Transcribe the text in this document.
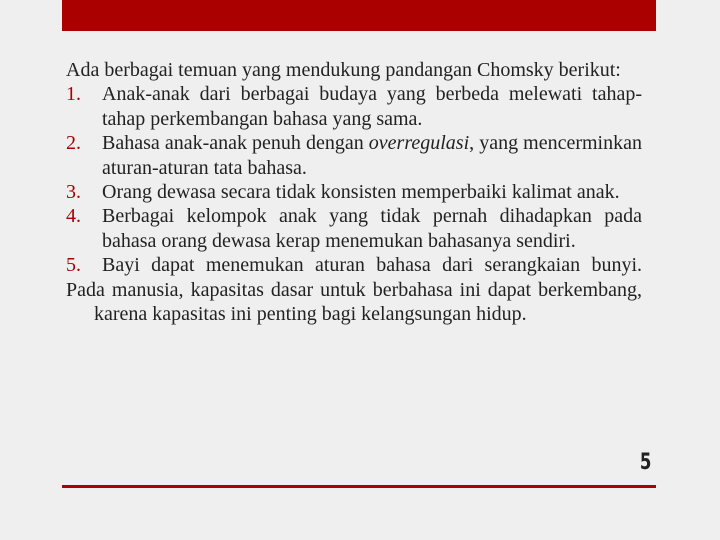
Ada berbagai temuan yang mendukung pandangan Chomsky berikut:
1. Anak-anak dari berbagai budaya yang berbeda melewati tahap-tahap perkembangan bahasa yang sama.
2. Bahasa anak-anak penuh dengan overregulasi, yang mencerminkan aturan-aturan tata bahasa.
3. Orang dewasa secara tidak konsisten memperbaiki kalimat anak.
4. Berbagai kelompok anak yang tidak pernah dihadapkan pada bahasa orang dewasa kerap menemukan bahasanya sendiri.
5. Bayi dapat menemukan aturan bahasa dari serangkaian bunyi.
Pada manusia, kapasitas dasar untuk berbahasa ini dapat berkembang, karena kapasitas ini penting bagi kelangsungan hidup.
5
